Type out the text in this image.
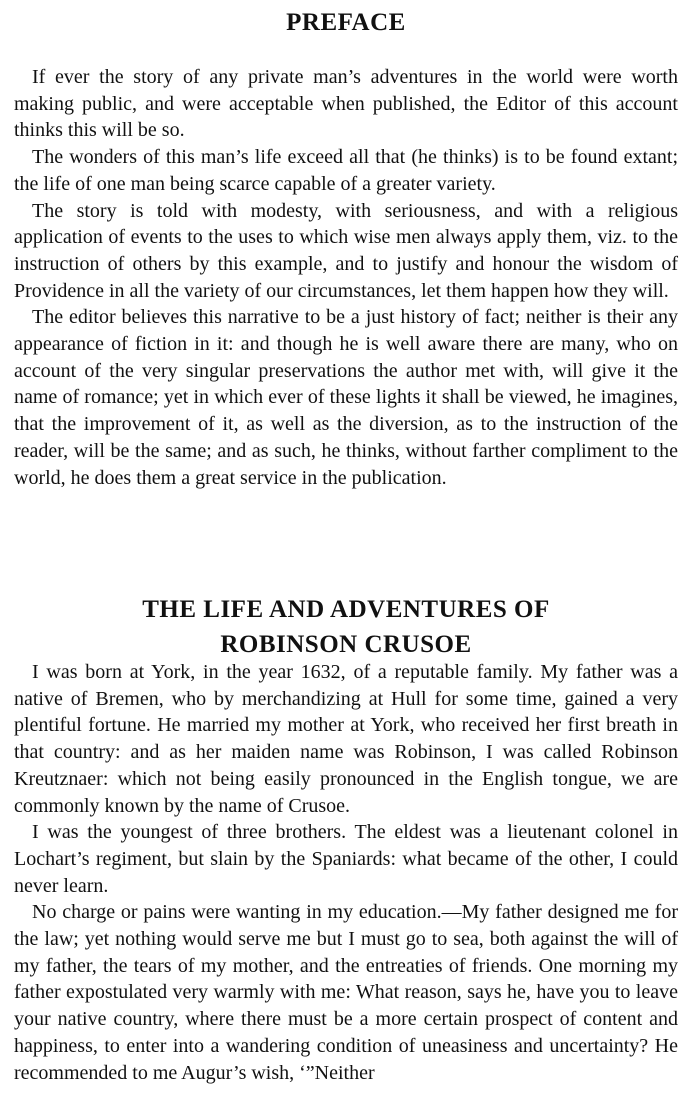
PREFACE

If ever the story of any private man’s adventures in the world were worth making public, and were acceptable when published, the Editor of this account thinks this will be so.

The wonders of this man’s life exceed all that (he thinks) is to be found extant; the life of one man being scarce capable of a greater variety.

The story is told with modesty, with seriousness, and with a religious application of events to the uses to which wise men always apply them, viz. to the instruction of others by this example, and to justify and honour the wisdom of Providence in all the variety of our circumstances, let them happen how they will.

The editor believes this narrative to be a just history of fact; neither is their any appearance of fiction in it: and though he is well aware there are many, who on account of the very singular preservations the author met with, will give it the name of romance; yet in which ever of these lights it shall be viewed, he imagines, that the improvement of it, as well as the diversion, as to the instruction of the reader, will be the same; and as such, he thinks, without farther compliment to the world, he does them a great service in the publication.

THE LIFE AND ADVENTURES OF
ROBINSON CRUSOE

I was born at York, in the year 1632, of a reputable family. My father was a native of Bremen, who by merchandizing at Hull for some time, gained a very plentiful fortune. He married my mother at York, who received her first breath in that country: and as her maiden name was Robinson, I was called Robinson Kreutznaer: which not being easily pronounced in the English tongue, we are commonly known by the name of Crusoe.

I was the youngest of three brothers. The eldest was a lieutenant colonel in Lochart’s regiment, but slain by the Spaniards: what became of the other, I could never learn.

No charge or pains were wanting in my education.—My father designed me for the law; yet nothing would serve me but I must go to sea, both against the will of my father, the tears of my mother, and the entreaties of friends. One morning my father expostulated very warmly with me: What reason, says he, have you to leave your native country, where there must be a more certain prospect of content and happiness, to enter into a wandering condition of uneasiness and uncertainty? He recommended to me Augur’s wish, ‘”Neither
